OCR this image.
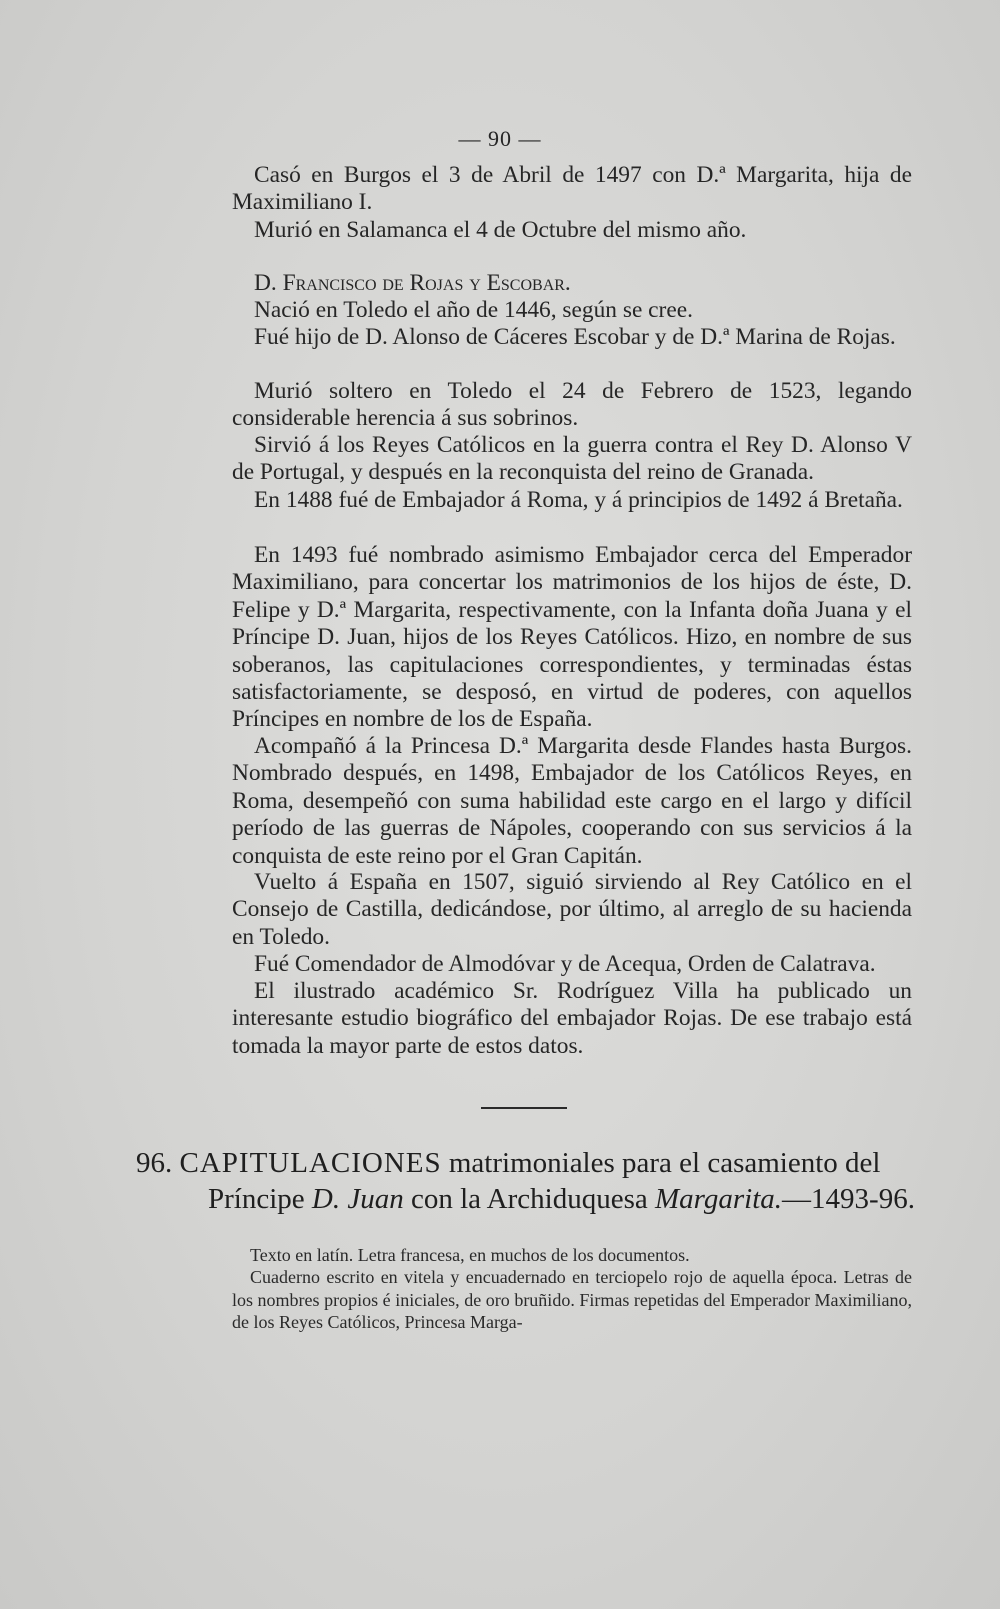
— 90 —

Casó en Burgos el 3 de Abril de 1497 con D.ª Margarita, hija de Maximiliano I.

Murió en Salamanca el 4 de Octubre del mismo año.

D. Francisco de Rojas y Escobar.

Nació en Toledo el año de 1446, según se cree.

Fué hijo de D. Alonso de Cáceres Escobar y de D.ª Marina de Rojas.

Murió soltero en Toledo el 24 de Febrero de 1523, legando considerable herencia á sus sobrinos.

Sirvió á los Reyes Católicos en la guerra contra el Rey D. Alonso V de Portugal, y después en la reconquista del reino de Granada.

En 1488 fué de Embajador á Roma, y á principios de 1492 á Bretaña.

En 1493 fué nombrado asimismo Embajador cerca del Emperador Maximiliano, para concertar los matrimonios de los hijos de éste, D. Felipe y D.ª Margarita, respectivamente, con la Infanta doña Juana y el Príncipe D. Juan, hijos de los Reyes Católicos. Hizo, en nombre de sus soberanos, las capitulaciones correspondientes, y terminadas éstas satisfactoriamente, se desposó, en virtud de poderes, con aquellos Príncipes en nombre de los de España.

Acompañó á la Princesa D.ª Margarita desde Flandes hasta Burgos. Nombrado después, en 1498, Embajador de los Católicos Reyes, en Roma, desempeñó con suma habilidad este cargo en el largo y difícil período de las guerras de Nápoles, cooperando con sus servicios á la conquista de este reino por el Gran Capitán.

Vuelto á España en 1507, siguió sirviendo al Rey Católico en el Consejo de Castilla, dedicándose, por último, al arreglo de su hacienda en Toledo.

Fué Comendador de Almodóvar y de Acequa, Orden de Calatrava.

El ilustrado académico Sr. Rodríguez Villa ha publicado un interesante estudio biográfico del embajador Rojas. De ese trabajo está tomada la mayor parte de estos datos.

96. CAPITULACIONES matrimoniales para el casamiento del
Príncipe D. Juan con la Archiduquesa Margarita.—1493-96.

Texto en latín. Letra francesa, en muchos de los documentos.

Cuaderno escrito en vitela y encuadernado en terciopelo rojo de aquella época. Letras de los nombres propios é iniciales, de oro bruñido. Firmas repetidas del Emperador Maximiliano, de los Reyes Católicos, Princesa Marga-
